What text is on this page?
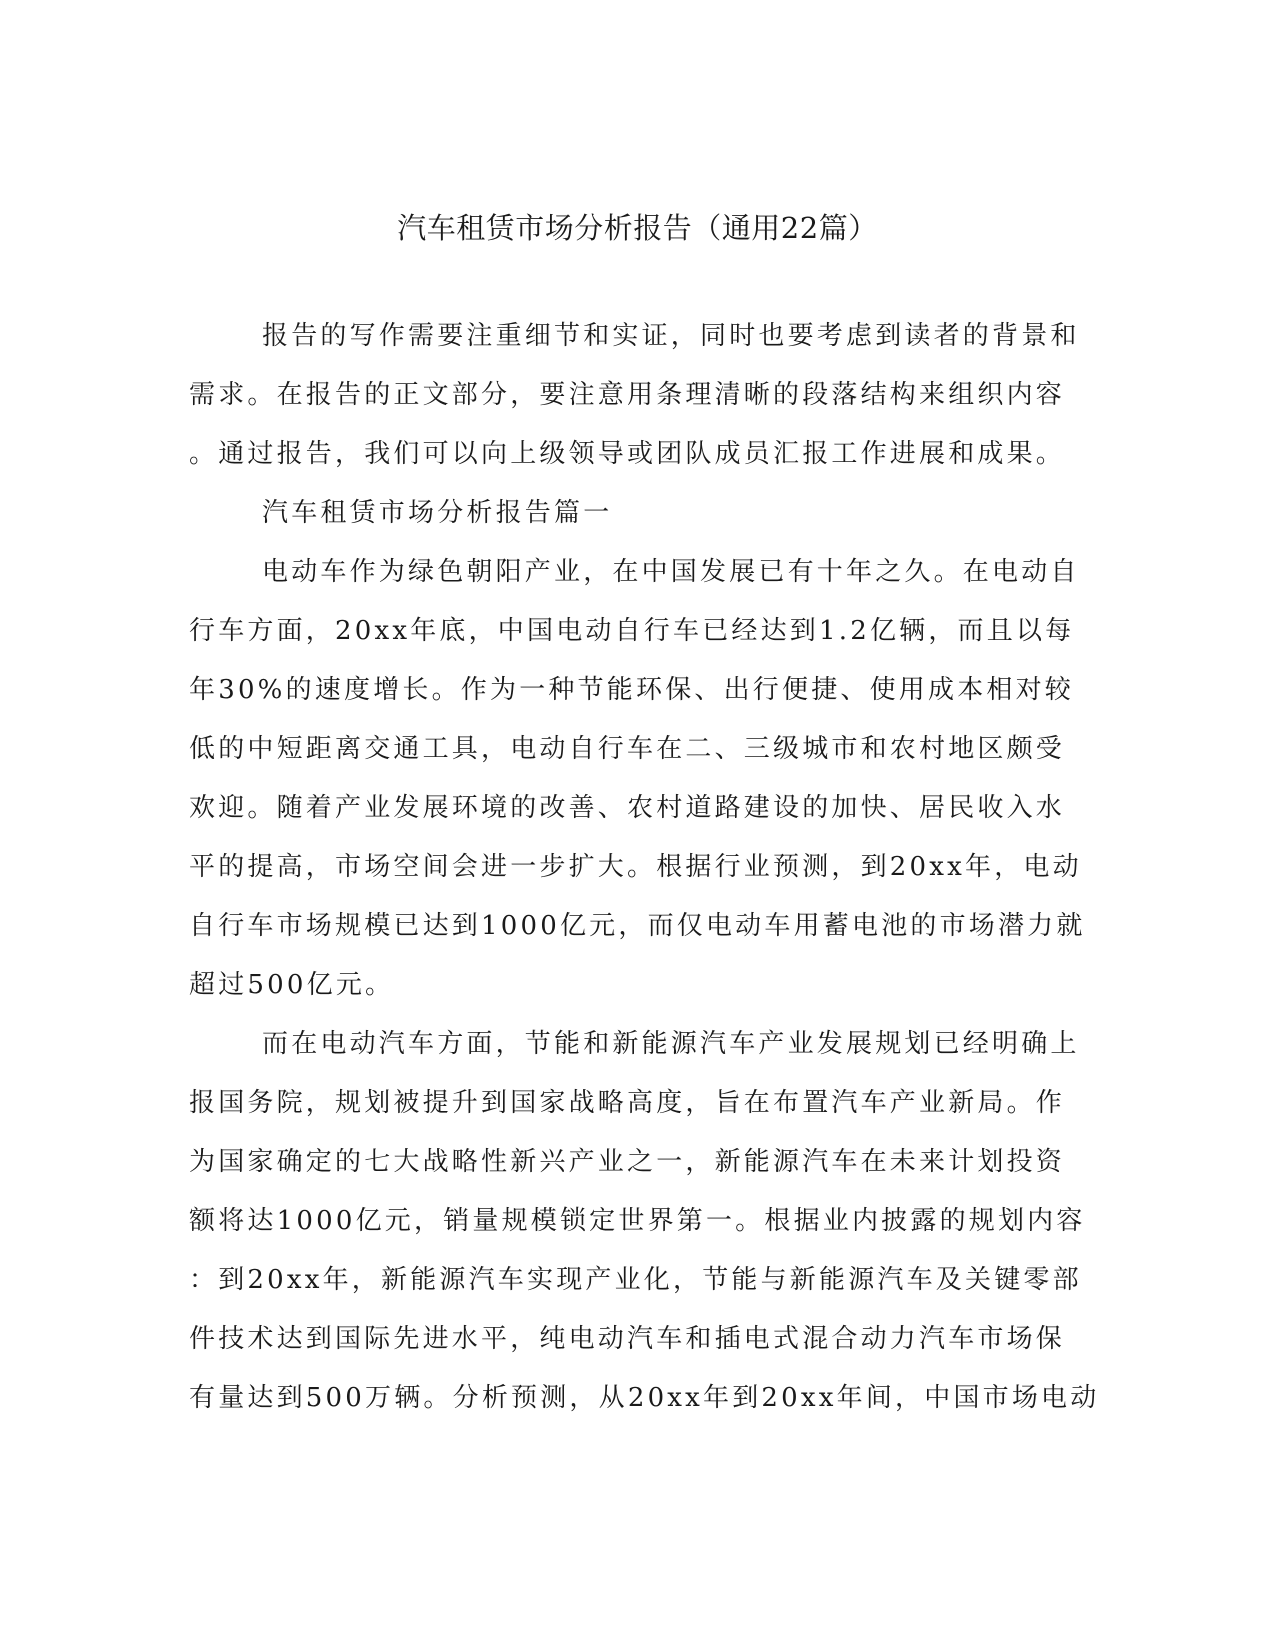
汽车租赁市场分析报告（通用22篇）

报告的写作需要注重细节和实证，同时也要考虑到读者的背景和

需求。在报告的正文部分，要注意用条理清晰的段落结构来组织内容

。通过报告，我们可以向上级领导或团队成员汇报工作进展和成果。

汽车租赁市场分析报告篇一

电动车作为绿色朝阳产业，在中国发展已有十年之久。在电动自

行车方面，20xx年底，中国电动自行车已经达到1.2亿辆，而且以每

年30%的速度增长。作为一种节能环保、出行便捷、使用成本相对较

低的中短距离交通工具，电动自行车在二、三级城市和农村地区颇受

欢迎。随着产业发展环境的改善、农村道路建设的加快、居民收入水

平的提高，市场空间会进一步扩大。根据行业预测，到20xx年，电动

自行车市场规模已达到1000亿元，而仅电动车用蓄电池的市场潜力就

超过500亿元。

而在电动汽车方面，节能和新能源汽车产业发展规划已经明确上

报国务院，规划被提升到国家战略高度，旨在布置汽车产业新局。作

为国家确定的七大战略性新兴产业之一，新能源汽车在未来计划投资

额将达1000亿元，销量规模锁定世界第一。根据业内披露的规划内容

：到20xx年，新能源汽车实现产业化，节能与新能源汽车及关键零部

件技术达到国际先进水平，纯电动汽车和插电式混合动力汽车市场保

有量达到500万辆。分析预测，从20xx年到20xx年间，中国市场电动
